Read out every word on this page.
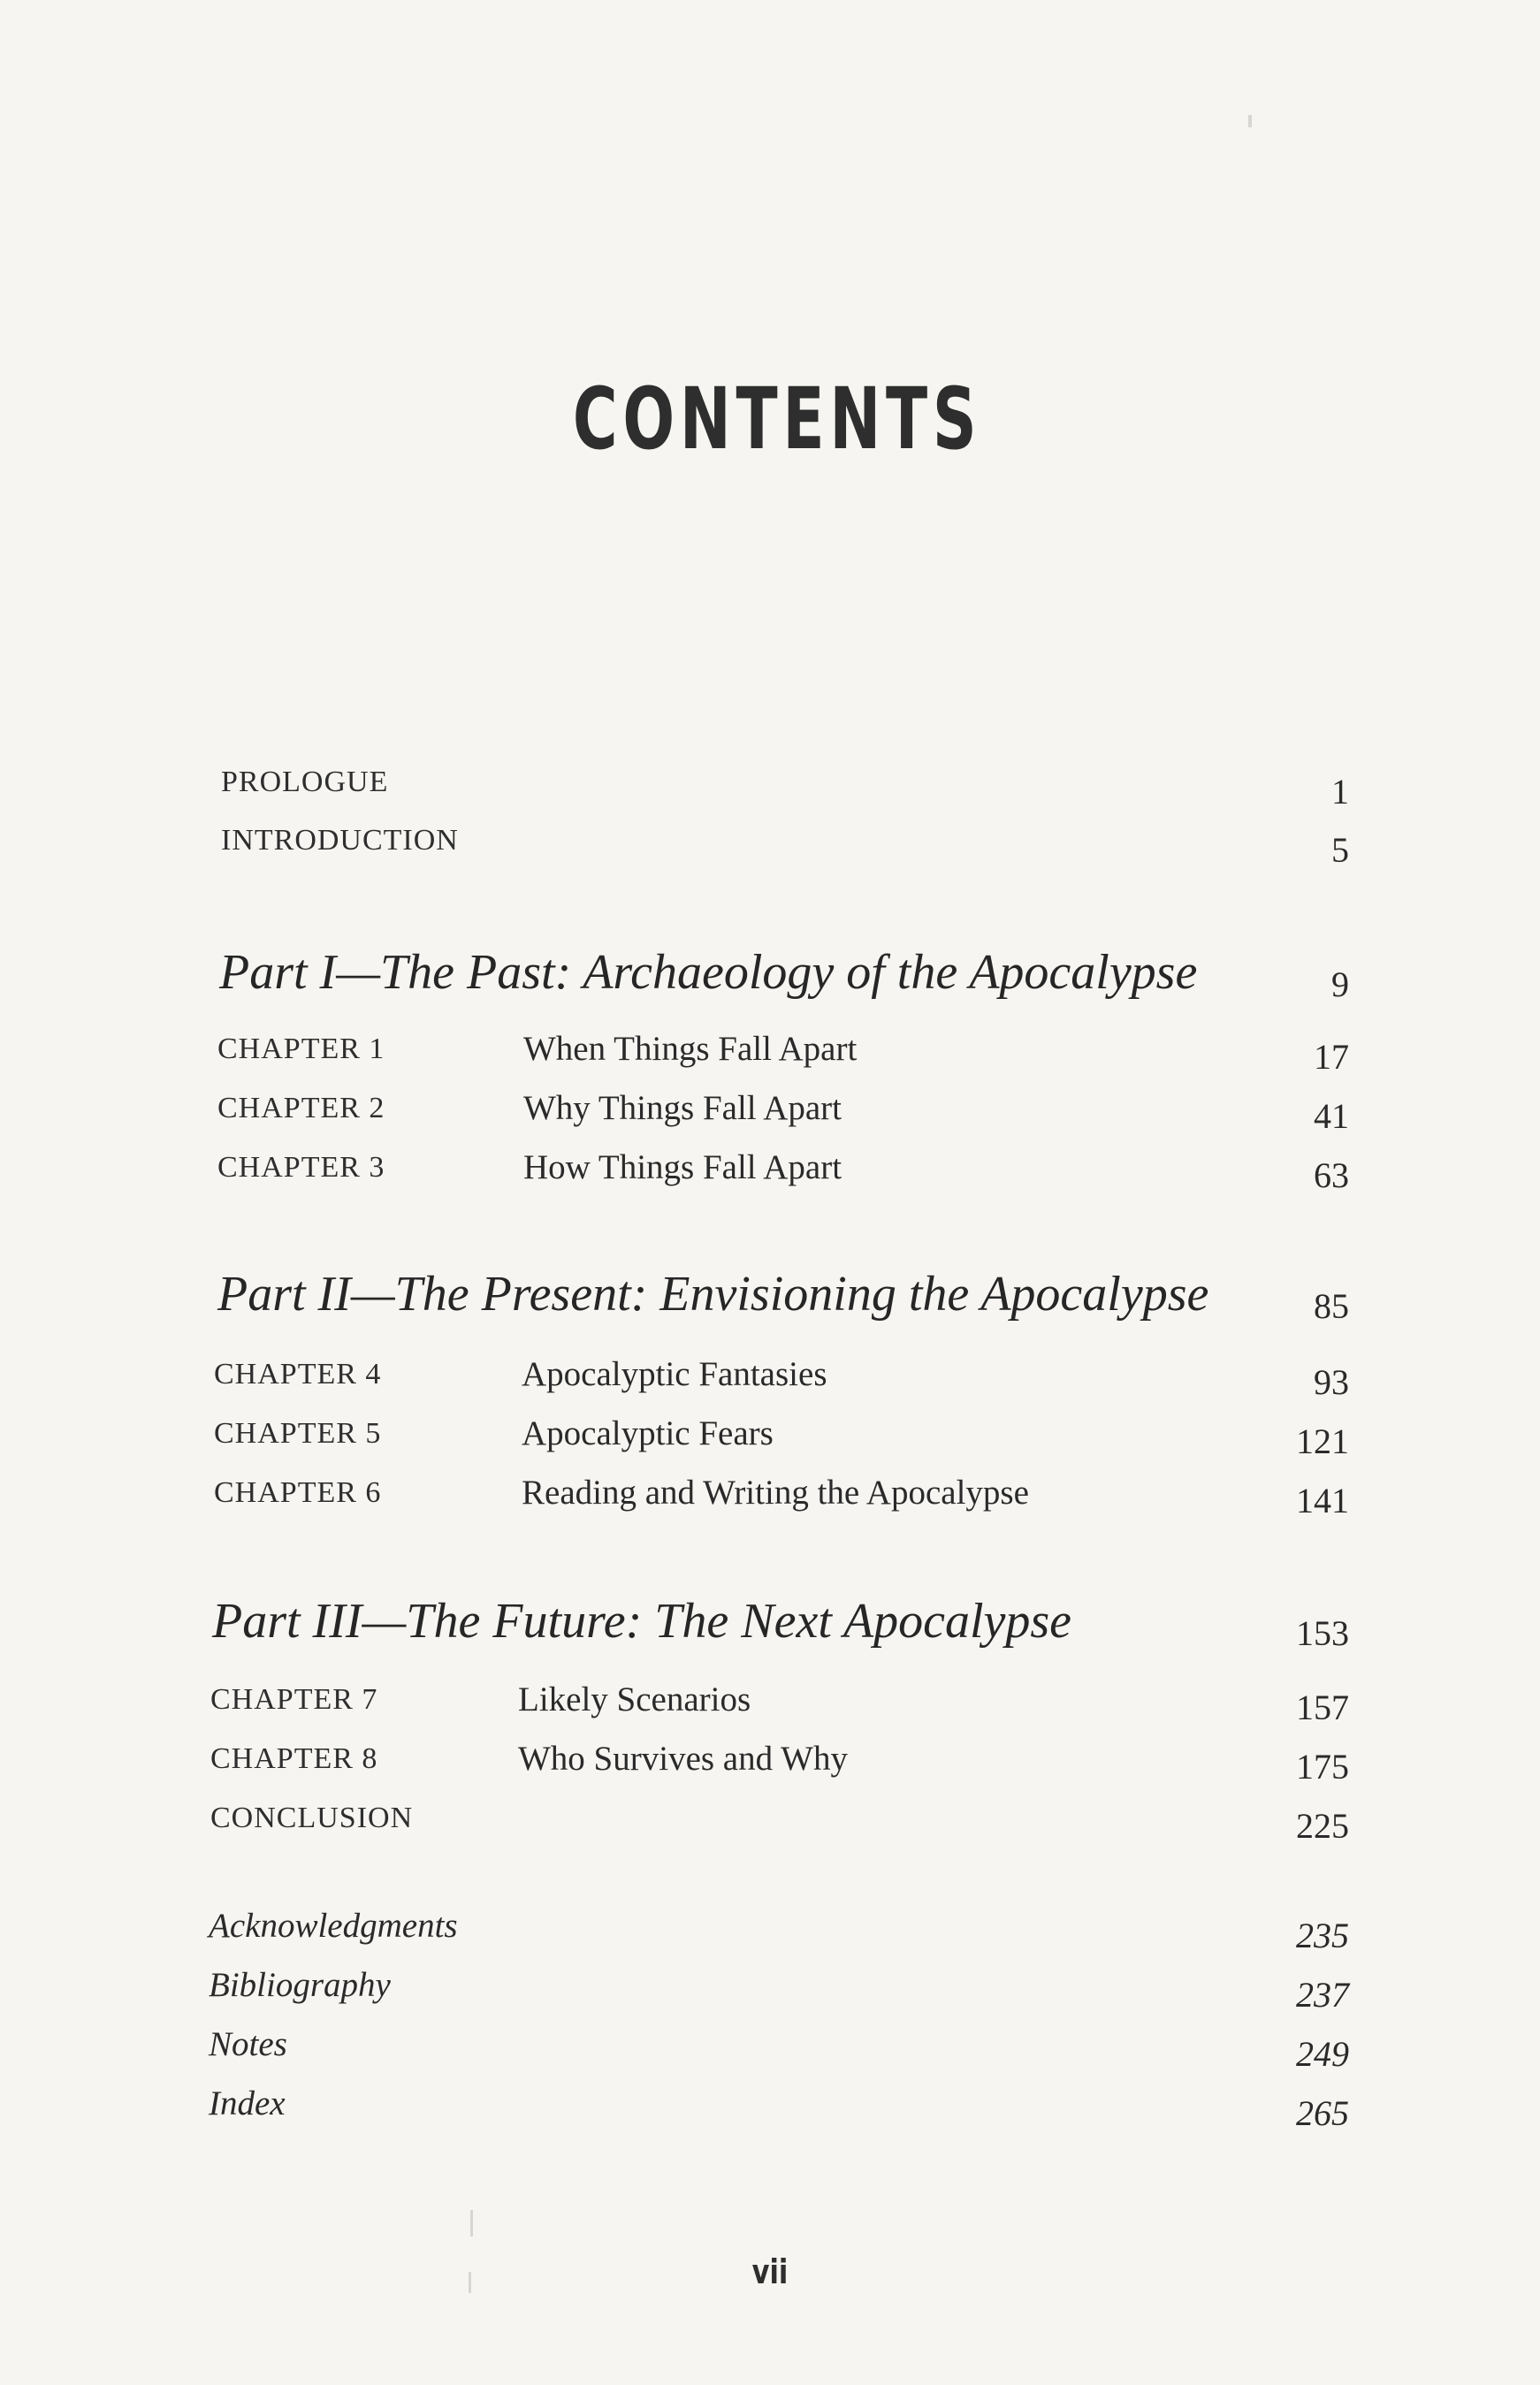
CONTENTS
PROLOGUE	1
INTRODUCTION	5
Part I—The Past: Archaeology of the Apocalypse	9
CHAPTER 1	When Things Fall Apart	17
CHAPTER 2	Why Things Fall Apart	41
CHAPTER 3	How Things Fall Apart	63
Part II—The Present: Envisioning the Apocalypse	85
CHAPTER 4	Apocalyptic Fantasies	93
CHAPTER 5	Apocalyptic Fears	121
CHAPTER 6	Reading and Writing the Apocalypse	141
Part III—The Future: The Next Apocalypse	153
CHAPTER 7	Likely Scenarios	157
CHAPTER 8	Who Survives and Why	175
CONCLUSION	225
Acknowledgments	235
Bibliography	237
Notes	249
Index	265
vii
